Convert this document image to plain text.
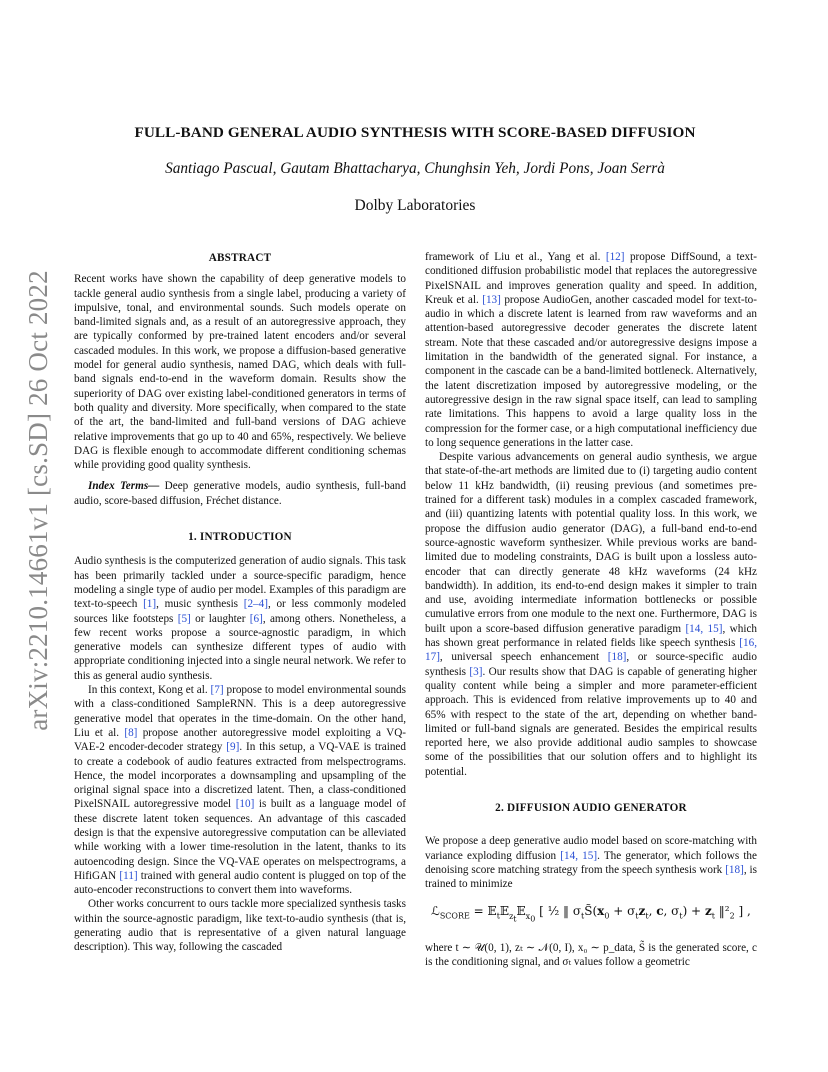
arXiv:2210.14661v1 [cs.SD] 26 Oct 2022
FULL-BAND GENERAL AUDIO SYNTHESIS WITH SCORE-BASED DIFFUSION
Santiago Pascual, Gautam Bhattacharya, Chunghsin Yeh, Jordi Pons, Joan Serrà
Dolby Laboratories
ABSTRACT

Recent works have shown the capability of deep generative models to tackle general audio synthesis from a single label, producing a variety of impulsive, tonal, and environmental sounds. Such models operate on band-limited signals and, as a result of an autoregressive approach, they are typically conformed by pre-trained latent encoders and/or several cascaded modules. In this work, we propose a diffusion-based generative model for general audio synthesis, named DAG, which deals with full-band signals end-to-end in the waveform domain. Results show the superiority of DAG over existing label-conditioned generators in terms of both quality and diversity. More specifically, when compared to the state of the art, the band-limited and full-band versions of DAG achieve relative improvements that go up to 40 and 65%, respectively. We believe DAG is flexible enough to accommodate different conditioning schemas while providing good quality synthesis.

Index Terms— Deep generative models, audio synthesis, full-band audio, score-based diffusion, Fréchet distance.

1. INTRODUCTION

Audio synthesis is the computerized generation of audio signals. This task has been primarily tackled under a source-specific paradigm, hence modeling a single type of audio per model. Examples of this paradigm are text-to-speech [1], music synthesis [2–4], or less commonly modeled sources like footsteps [5] or laughter [6], among others. Nonetheless, a few recent works propose a source-agnostic paradigm, in which generative models can synthesize different types of audio with appropriate conditioning injected into a single neural network. We refer to this as general audio synthesis.

In this context, Kong et al. [7] propose to model environmental sounds with a class-conditioned SampleRNN. This is a deep autoregressive generative model that operates in the time-domain. On the other hand, Liu et al. [8] propose another autoregressive model exploiting a VQ-VAE-2 encoder-decoder strategy [9]. In this setup, a VQ-VAE is trained to create a codebook of audio features extracted from melspectrograms. Hence, the model incorporates a downsampling and upsampling of the original signal space into a discretized latent. Then, a class-conditioned PixelSNAIL autoregressive model [10] is built as a language model of these discrete latent token sequences. An advantage of this cascaded design is that the expensive autoregressive computation can be alleviated while working with a lower time-resolution in the latent, thanks to its autoencoding design. Since the VQ-VAE operates on melspectrograms, a HifiGAN [11] trained with general audio content is plugged on top of the auto-encoder reconstructions to convert them into waveforms.

Other works concurrent to ours tackle more specialized synthesis tasks within the source-agnostic paradigm, like text-to-audio synthesis (that is, generating audio that is representative of a given natural language description). This way, following the cascaded

framework of Liu et al., Yang et al. [12] propose DiffSound, a text-conditioned diffusion probabilistic model that replaces the autoregressive PixelSNAIL and improves generation quality and speed. In addition, Kreuk et al. [13] propose AudioGen, another cascaded model for text-to-audio in which a discrete latent is learned from raw waveforms and an attention-based autoregressive decoder generates the discrete latent stream. Note that these cascaded and/or autoregressive designs impose a limitation in the bandwidth of the generated signal. For instance, a component in the cascade can be a band-limited bottleneck. Alternatively, the latent discretization imposed by autoregressive modeling, or the autoregressive design in the raw signal space itself, can lead to sampling rate limitations. This happens to avoid a large quality loss in the compression for the former case, or a high computational inefficiency due to long sequence generations in the latter case.

Despite various advancements on general audio synthesis, we argue that state-of-the-art methods are limited due to (i) targeting audio content below 11 kHz bandwidth, (ii) reusing previous (and sometimes pre-trained for a different task) modules in a complex cascaded framework, and (iii) quantizing latents with potential quality loss. In this work, we propose the diffusion audio generator (DAG), a full-band end-to-end source-agnostic waveform synthesizer. While previous works are band-limited due to modeling constraints, DAG is built upon a lossless auto-encoder that can directly generate 48 kHz waveforms (24 kHz bandwidth). In addition, its end-to-end design makes it simpler to train and use, avoiding intermediate information bottlenecks or possible cumulative errors from one module to the next one. Furthermore, DAG is built upon a score-based diffusion generative paradigm [14, 15], which has shown great performance in related fields like speech synthesis [16, 17], universal speech enhancement [18], or source-specific audio synthesis [3]. Our results show that DAG is capable of generating higher quality content while being a simpler and more parameter-efficient approach. This is evidenced from relative improvements up to 40 and 65% with respect to the state of the art, depending on whether band-limited or full-band signals are generated. Besides the empirical results reported here, we also provide additional audio samples to showcase some of the possibilities that our solution offers and to highlight its potential.

2. DIFFUSION AUDIO GENERATOR

We propose a deep generative audio model based on score-matching with variance exploding diffusion [14, 15]. The generator, which follows the denoising score matching strategy from the speech synthesis work [18], is trained to minimize

ℒ$_{SCORE}$ = 𝔼$_t$𝔼$_{z_t}$𝔼$_{x_0}$ [ ½ ‖ $\sigma_tS̃(x_0 + \sigma_tz_t$, c, $\sigma_t) + z_t$ $‖^2_2$ ] ,

where t ∼ 𝒰(0, 1), zₜ ∼ 𝒩(0, I), x₀ ∼ p_data, S̃ is the generated score, c is the conditioning signal, and σₜ values follow a geometric
